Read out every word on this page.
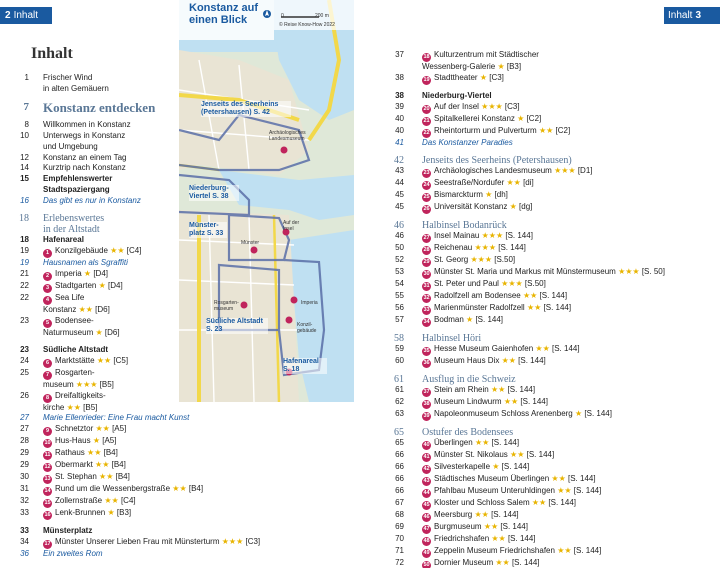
2 Inhalt	Inhalt 3
Inhalt
1	Frischer Wind
in alten Gemäuern
7	Konstanz entdecken
8	Willkommen in Konstanz
10	Unterwegs in Konstanz
und Umgebung
12	Konstanz an einem Tag
14	Kurztrip nach Konstanz
15	Empfehlenswerter
Stadtspaziergang
16	Das gibt es nur in Konstanz
18	Erlebenswertes
in der Altstadt
18	Hafenareal
19	1 Konzilgebäude ★★ [C4]
19	Hausnamen als Sgraffiti
21	2 Imperia ★ [D4]
22	3 Stadtgarten ★ [D4]
22	4 Sea Life
Konstanz ★★ [D6]
23	5 Bodensee-
Naturmuseum ★ [D6]
23	Südliche Altstadt
24	6 Marktstätte ★★ [C5]
25	7 Rosgarten-
museum ★★★ [B5]
26	8 Dreifaltigkeits-
kirche ★★ [B5]
27	Marie Ellenrieder: Eine Frau macht Kunst
27	9 Schnetztor ★★ [A5]
28	10 Hus-Haus ★ [A5]
29	11 Rathaus ★★ [B4]
29	12 Obermarkt ★★ [B4]
30	13 St. Stephan ★★ [B4]
31	14 Rund um die Wessenbergstraße ★★ [B4]
32	15 Zollernstraße ★★ [C4]
33	16 Lenk-Brunnen ★ [B3]
33	Münsterplatz
34	17 Münster Unserer Lieben Frau mit Münsterturm ★★★ [C3]
36	Ein zweites Rom
37	18 Kulturzentrum mit Städtischer
Wessenberg-Galerie ★ [B3]
38	19 Stadttheater ★ [C3]
38	Niederburg-Viertel
39	20 Auf der Insel ★★★ [C3]
40	21 Spitalkellerei Konstanz ★ [C2]
40	22 Rheintorturm und Pulverturm ★★ [C2]
41	Das Konstanzer Paradies
42	Jenseits des Seerheins (Petershausen)
43	23 Archäologisches Landesmuseum ★★★ [D1]
44	24 Seestraße/Nordufer ★★ [di]
45	25 Bismarckturm ★ [dh]
45	26 Universität Konstanz ★ [dg]
46	Halbinsel Bodanrück
46	27 Insel Mainau ★★★ [S. 144]
50	28 Reichenau ★★★ [S. 144]
52	29 St. Georg ★★★ [S.50]
53	30 Münster St. Maria und Markus mit Münstermuseum ★★★ [S. 50]
54	31 St. Peter und Paul ★★★ [S.50]
55	32 Radolfzell am Bodensee ★★ [S. 144]
56	33 Marienmünster Radolfzell ★★ [S. 144]
57	34 Bodman ★ [S. 144]
58	Halbinsel Höri
59	35 Hesse Museum Gaienhofen ★★ [S. 144]
60	36 Museum Haus Dix ★★ [S. 144]
61	Ausflug in die Schweiz
61	37 Stein am Rhein ★★ [S. 144]
62	38 Museum Lindwurm ★★ [S. 144]
63	39 Napoleonmuseum Schloss Arenenberg ★ [S. 144]
65	Ostufer des Bodensees
65	40 Überlingen ★★ [S. 144]
66	41 Münster St. Nikolaus ★★ [S. 144]
66	42 Silvesterkapelle ★ [S. 144]
66	43 Städtisches Museum Überlingen ★★ [S. 144]
66	44 Pfahlbau Museum Unteruhldingen ★★ [S. 144]
67	45 Kloster und Schloss Salem ★★ [S. 144]
68	46 Meersburg ★★ [S. 144]
69	47 Burgmuseum ★★ [S. 144]
70	48 Friedrichshafen ★★ [S. 144]
71	49 Zeppelin Museum Friedrichshafen ★★ [S. 144]
72	50 Dornier Museum ★★ [S. 144]
Konstanz auf einen Blick	0	200 m
© Reise Know-How 2022
Jenseits des Seerheins (Petershausen) S. 42
Niederburg-Viertel S. 38
Münster-platz S. 33
Südliche Altstadt S. 23
Hafenareal S. 18
Archäologisches Landesmuseum
Auf der Insel
Münster
Rosgarten-museum
Imperia
Konzil-gebäude
